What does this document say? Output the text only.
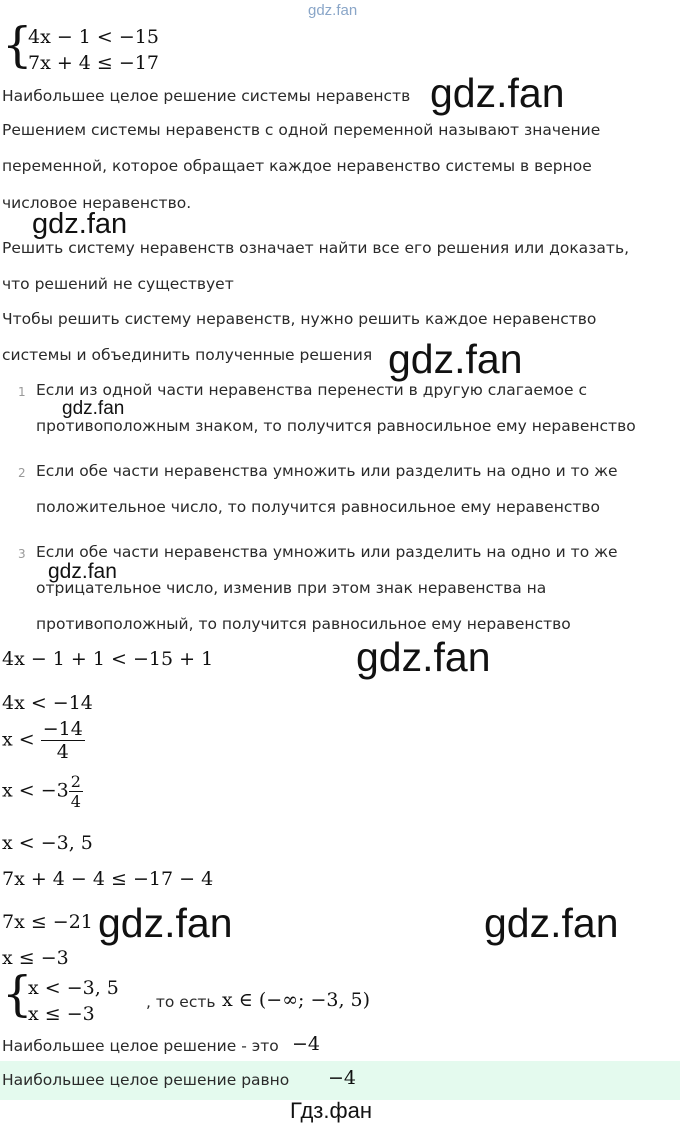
gdz.fan
{
4x − 1 < −15
7x + 4 ≤ −17
Наибольшее целое решение системы неравенств gdz.fan
Решением системы неравенств с одной переменной называют значение
переменной, которое обращает каждое неравенство системы в верное
числовое неравенство.
gdz.fan
Решить систему неравенств означает найти все его решения или доказать,
что решений не существует
Чтобы решить систему неравенств, нужно решить каждое неравенство
системы и объединить полученные решения gdz.fan
1 Если из одной части неравенства перенести в другую слагаемое с
gdz.fan
противоположным знаком, то получится равносильное ему неравенство
2 Если обе части неравенства умножить или разделить на одно и то же
положительное число, то получится равносильное ему неравенство
3 Если обе части неравенства умножить или разделить на одно и то же
gdz.fan
отрицательное число, изменив при этом знак неравенства на
противоположный, то получится равносильное ему неравенство
4x − 1 + 1 < −15 + 1	gdz.fan
4x < −14
$x < \frac{-14}{4}$
$x < -3 \frac{2}{4}$
x < −3, 5
7x + 4 − 4 ≤ −17 − 4
7x ≤ −21 gdz.fan	gdz.fan
x ≤ −3
{
x < −3, 5
x ≤ −3
, то есть x ∈ (−∞; −3, 5)
Наибольшее целое решение - это −4
Наибольшее целое решение равно −4
Гдз.фан
